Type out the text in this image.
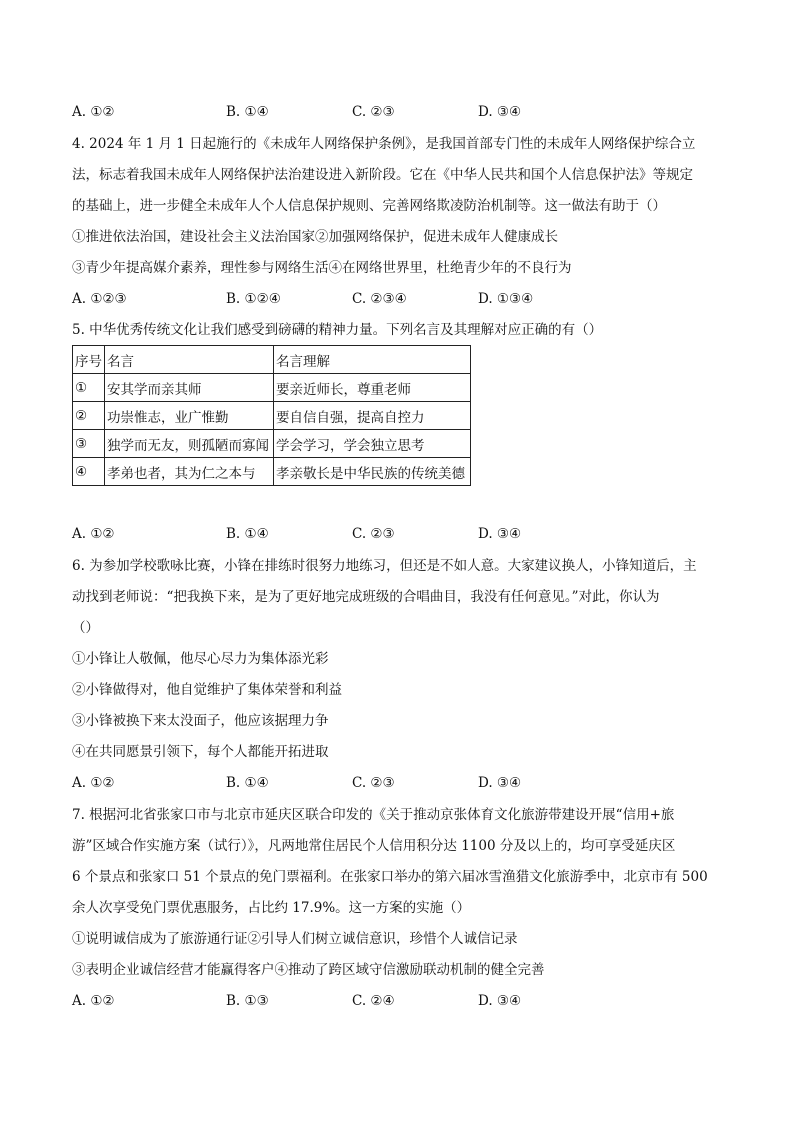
A. ①②	B. ①④	C. ②③	D. ③④
4. 2024 年 1 月 1 日起施行的《未成年人网络保护条例》，是我国首部专门性的未成年人网络保护综合立
法，标志着我国未成年人网络保护法治建设进入新阶段。它在《中华人民共和国个人信息保护法》等规定
的基础上，进一步健全未成年人个人信息保护规则、完善网络欺凌防治机制等。这一做法有助于（）
①推进依法治国，建设社会主义法治国家②加强网络保护，促进未成年人健康成长
③青少年提高媒介素养，理性参与网络生活④在网络世界里，杜绝青少年的不良行为
A. ①②③	B. ①②④	C. ②③④	D. ①③④
5. 中华优秀传统文化让我们感受到磅礴的精神力量。下列名言及其理解对应正确的有（）
序号	名言	名言理解
①	安其学而亲其师	要亲近师长，尊重老师
②	功崇惟志，业广惟勤	要自信自强，提高自控力
③	独学而无友，则孤陋而寡闻	学会学习，学会独立思考
④	孝弟也者，其为仁之本与	孝亲敬长是中华民族的传统美德
A. ①②	B. ①④	C. ②③	D. ③④
6. 为参加学校歌咏比赛，小锋在排练时很努力地练习，但还是不如人意。大家建议换人，小锋知道后，主
动找到老师说：“把我换下来，是为了更好地完成班级的合唱曲目，我没有任何意见。”对此，你认为
（）
①小锋让人敬佩，他尽心尽力为集体添光彩
②小锋做得对，他自觉维护了集体荣誉和利益
③小锋被换下来太没面子，他应该据理力争
④在共同愿景引领下，每个人都能开拓进取
A. ①②	B. ①④	C. ②③	D. ③④
7. 根据河北省张家口市与北京市延庆区联合印发的《关于推动京张体育文化旅游带建设开展“信用+旅
游”区域合作实施方案（试行）》，凡两地常住居民个人信用积分达 1100 分及以上的，均可享受延庆区
6 个景点和张家口 51 个景点的免门票福利。在张家口举办的第六届冰雪渔猎文化旅游季中，北京市有 500
余人次享受免门票优惠服务，占比约 17.9%。这一方案的实施（）
①说明诚信成为了旅游通行证②引导人们树立诚信意识，珍惜个人诚信记录
③表明企业诚信经营才能赢得客户④推动了跨区域守信激励联动机制的健全完善
A. ①②	B. ①③	C. ②④	D. ③④
